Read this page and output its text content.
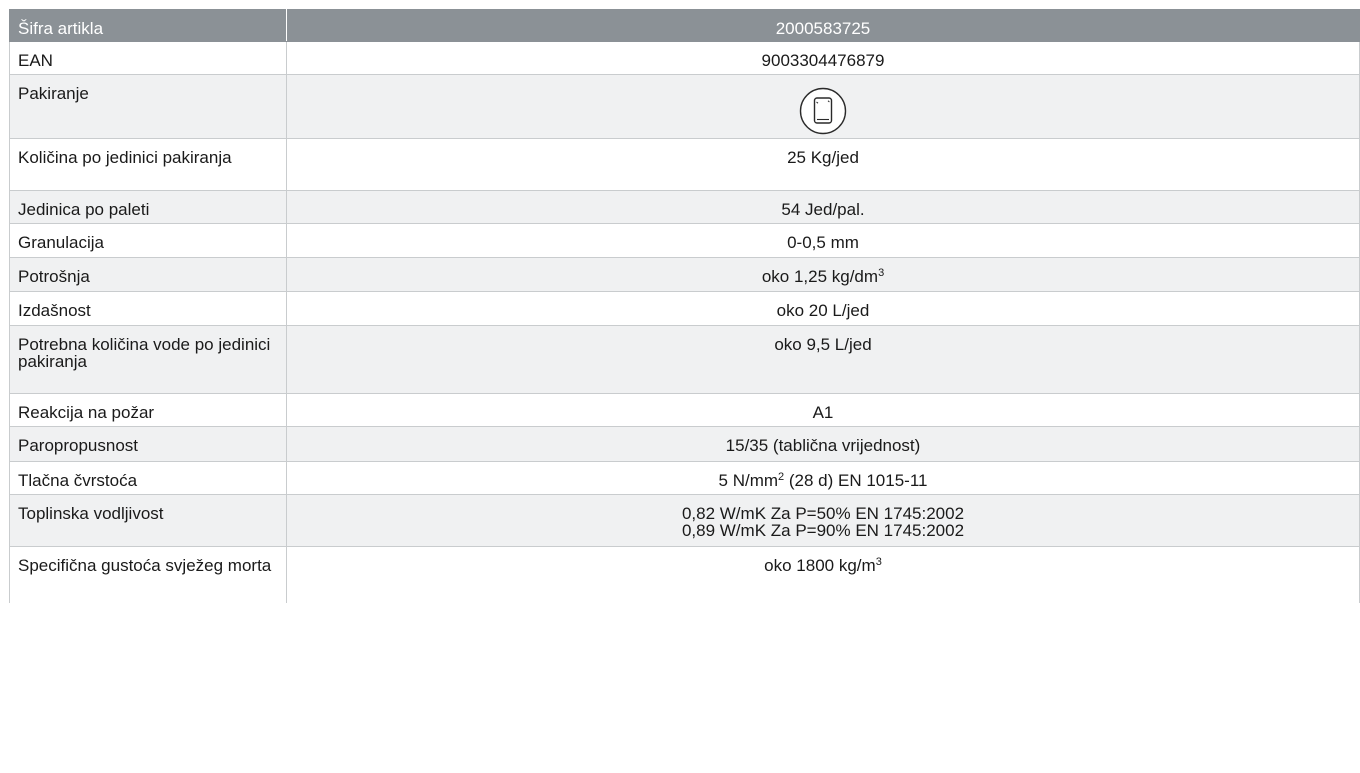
Šifra artikla	2000583725
EAN	9003304476879
Pakiranje	
Količina po jedinici pakiranja	25 Kg/jed
Jedinica po paleti	54 Jed/pal.
Granulacija	0-0,5 mm
Potrošnja	oko 1,25 $kg/dm^3$
Izdašnost	oko 20 L/jed
Potrebna količina vode po jedinici pakiranja	oko 9,5 L/jed
Reakcija na požar	A1
Paropropusnost	15/35 (tablična vrijednost)
Tlačna čvrstoća	5 $N/mm^2$ (28 d) EN 1015-11
Toplinska vodljivost	0,82 W/mK Za P=50% EN 1745:2002
0,89 W/mK Za P=90% EN 1745:2002

Specifična gustoća svježeg morta	oko 1800 $kg/m^3$
